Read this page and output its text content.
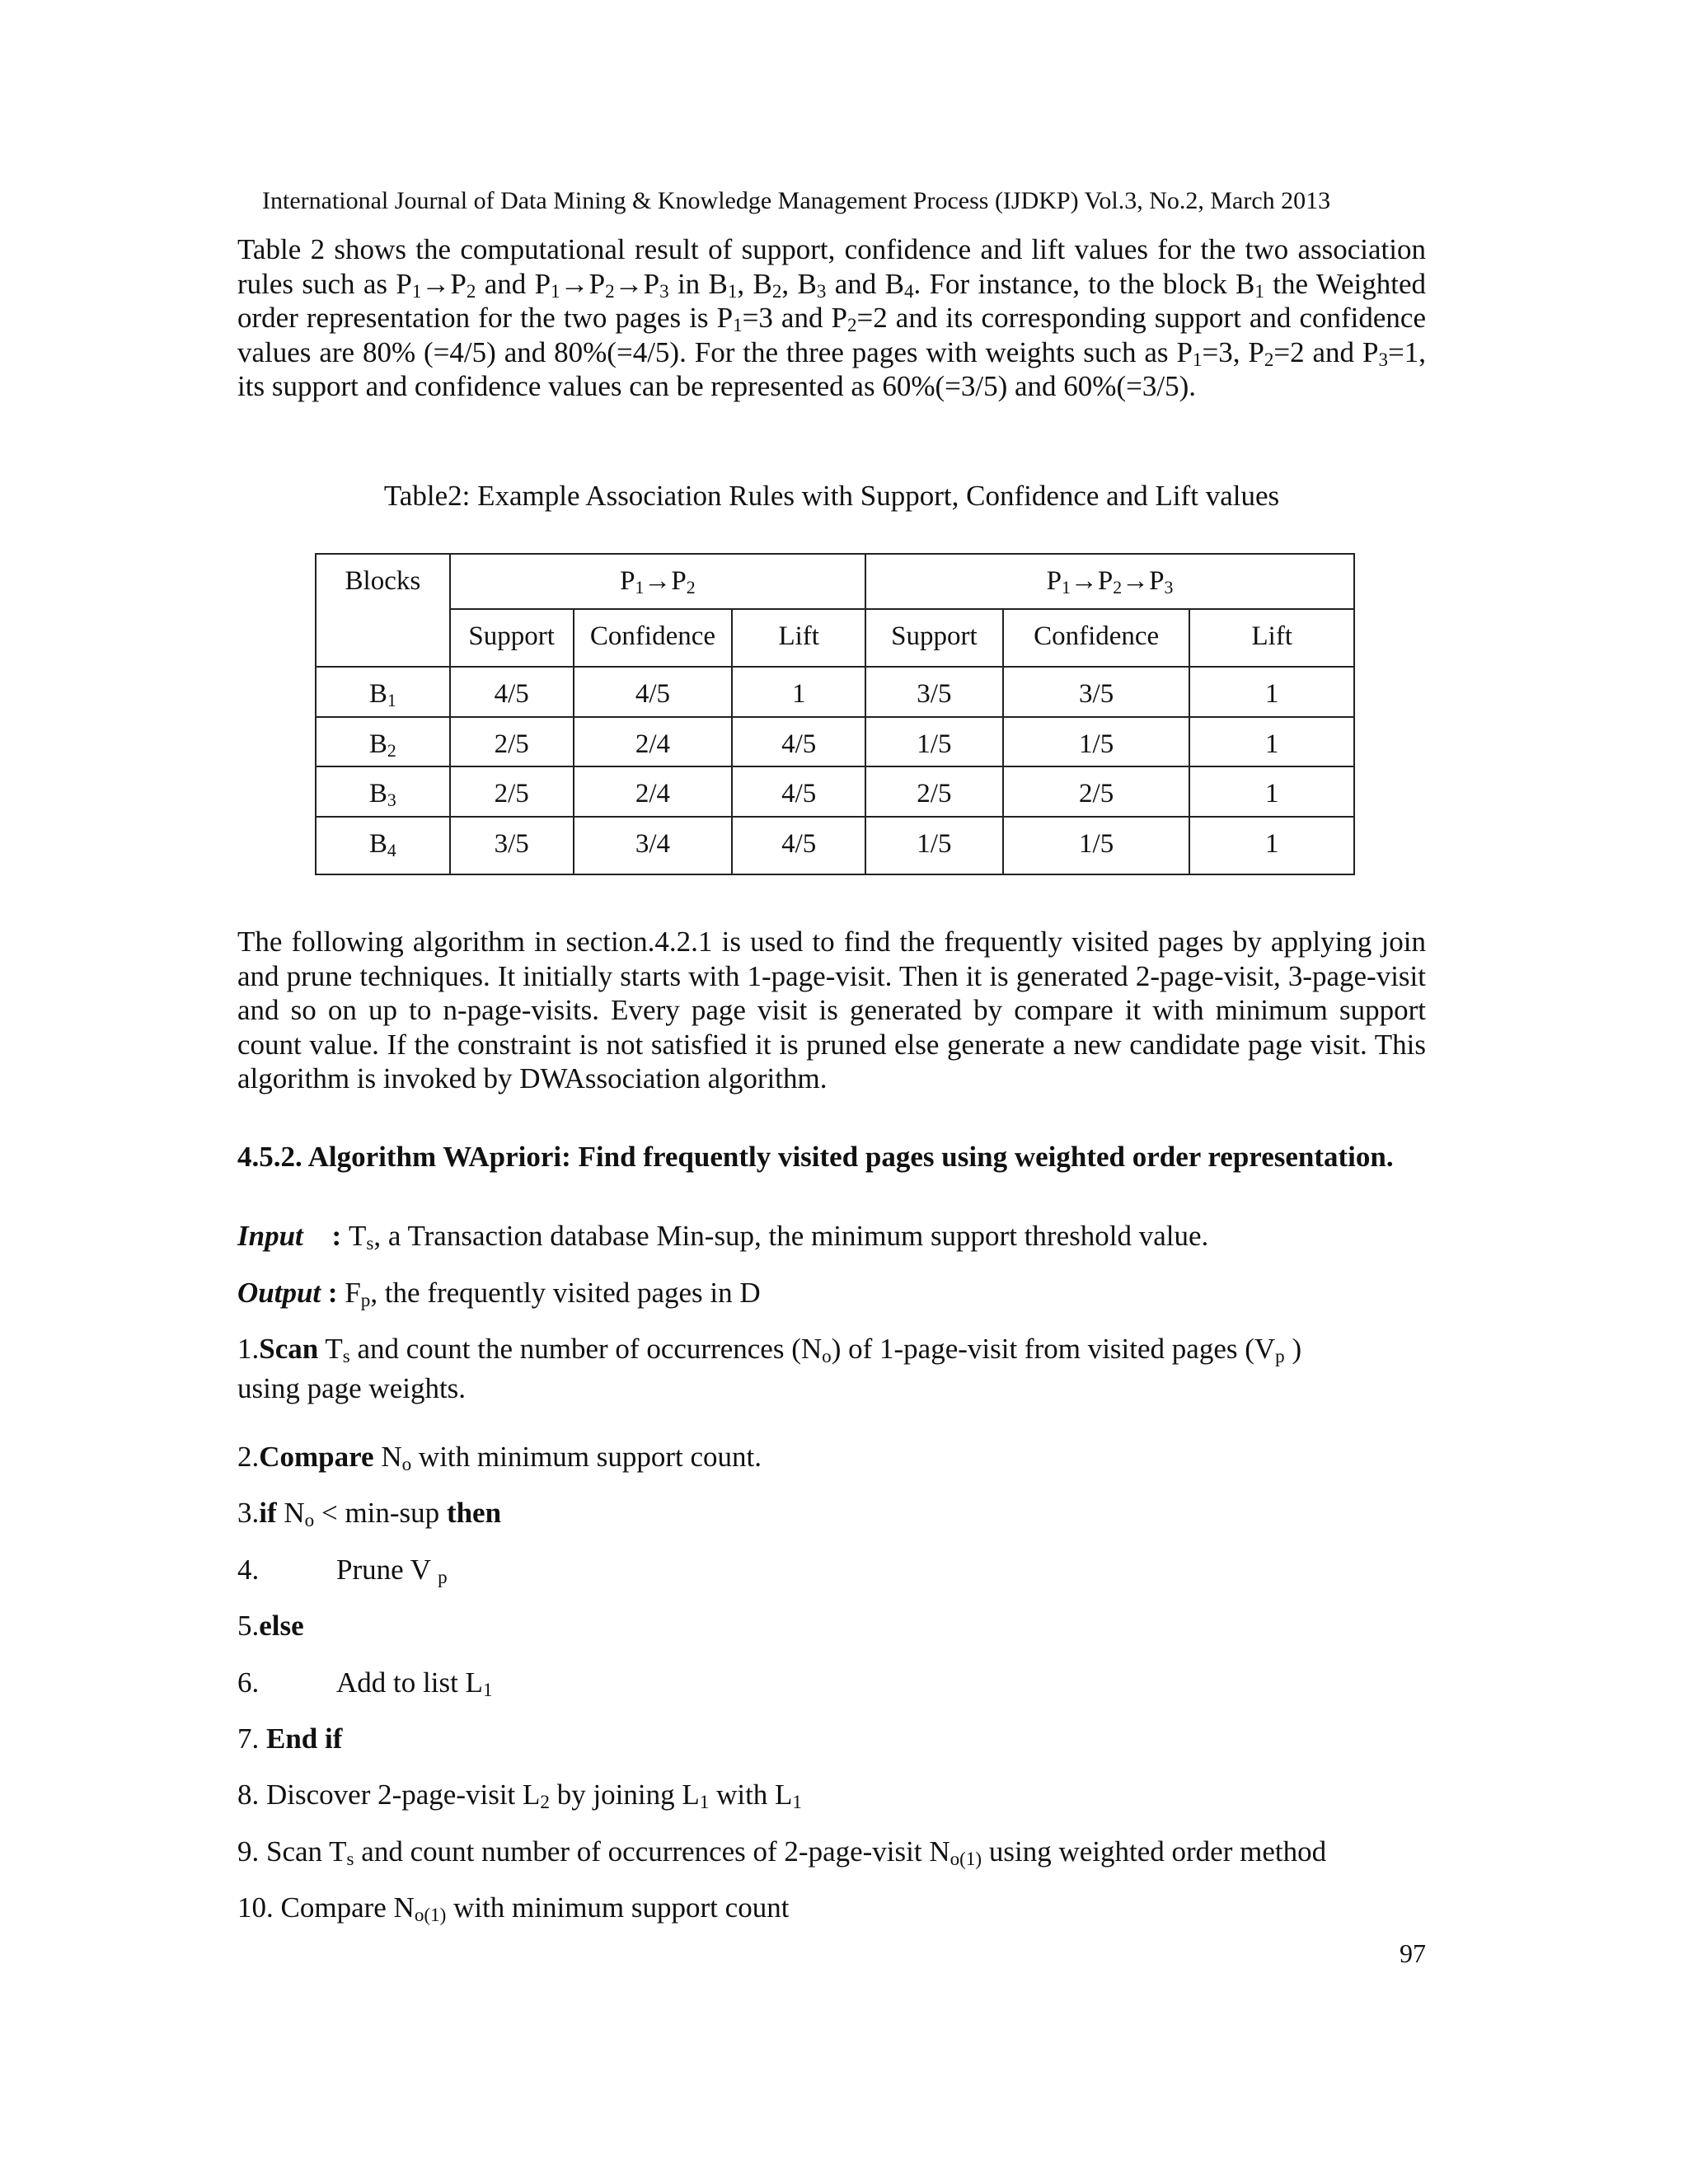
International Journal of Data Mining & Knowledge Management Process (IJDKP) Vol.3, No.2, March 2013
Table 2 shows the computational result of support, confidence and lift values for the two association rules such as $P_1\to P_2$ and $P_1\to P_2\to P_3$ in $B_1$, $B_2$, $B_3$ and $B_4$. For instance, to the block $B_1$ the Weighted order representation for the two pages is $P_1=3$ and $P_2=2$ and its corresponding support and confidence values are 80% (=4/5) and 80%(=4/5). For the three pages with weights such as $P_1=3$, $P_2=2$ and $P_3=1$, its support and confidence values can be represented as 60%(=3/5) and 60%(=3/5).
Table2: Example Association Rules with Support, Confidence and Lift values
Blocks	$P_1\to P_2$			$P_1\to P_2\to P_3$
	Support	Confidence	Lift	Support	Confidence	Lift
$B_1$	4/5	4/5	1	3/5	3/5	1
$B_2$	2/5	2/4	4/5	1/5	1/5	1
$B_3$	2/5	2/4	4/5	2/5	2/5	1
$B_4$	3/5	3/4	4/5	1/5	1/5	1
The following algorithm in section.4.2.1 is used to find the frequently visited pages by applying join and prune techniques. It initially starts with 1-page-visit. Then it is generated 2-page-visit, 3-page-visit and so on up to n-page-visits. Every page visit is generated by compare it with minimum support count value. If the constraint is not satisfied it is pruned else generate a new candidate page visit. This algorithm is invoked by DWAssociation algorithm.
4.5.2. Algorithm WApriori: Find frequently visited pages using weighted order representation.
Input : $T_s$, a Transaction database Min-sup, the minimum support threshold value.
Output : $F_p$, the frequently visited pages in D
1.Scan $T_s$ and count the number of occurrences $(N_o)$ of 1-page-visit from visited pages ($V_p$ )
using page weights.
2.Compare $N_o$ with minimum support count.
3.if $N_o < \min-sup$ then
4.	Prune V $_p$
5.else
6.	Add to list $L_1$
7. End if
8. Discover 2-page-visit $L_2$ by joining $L_1$ with $L_1$
9. Scan $T_s$ and count number of occurrences of 2-page-visit $N_{o(1)}$ using weighted order method
10. Compare $N_{o(1)}$ with minimum support count
97
